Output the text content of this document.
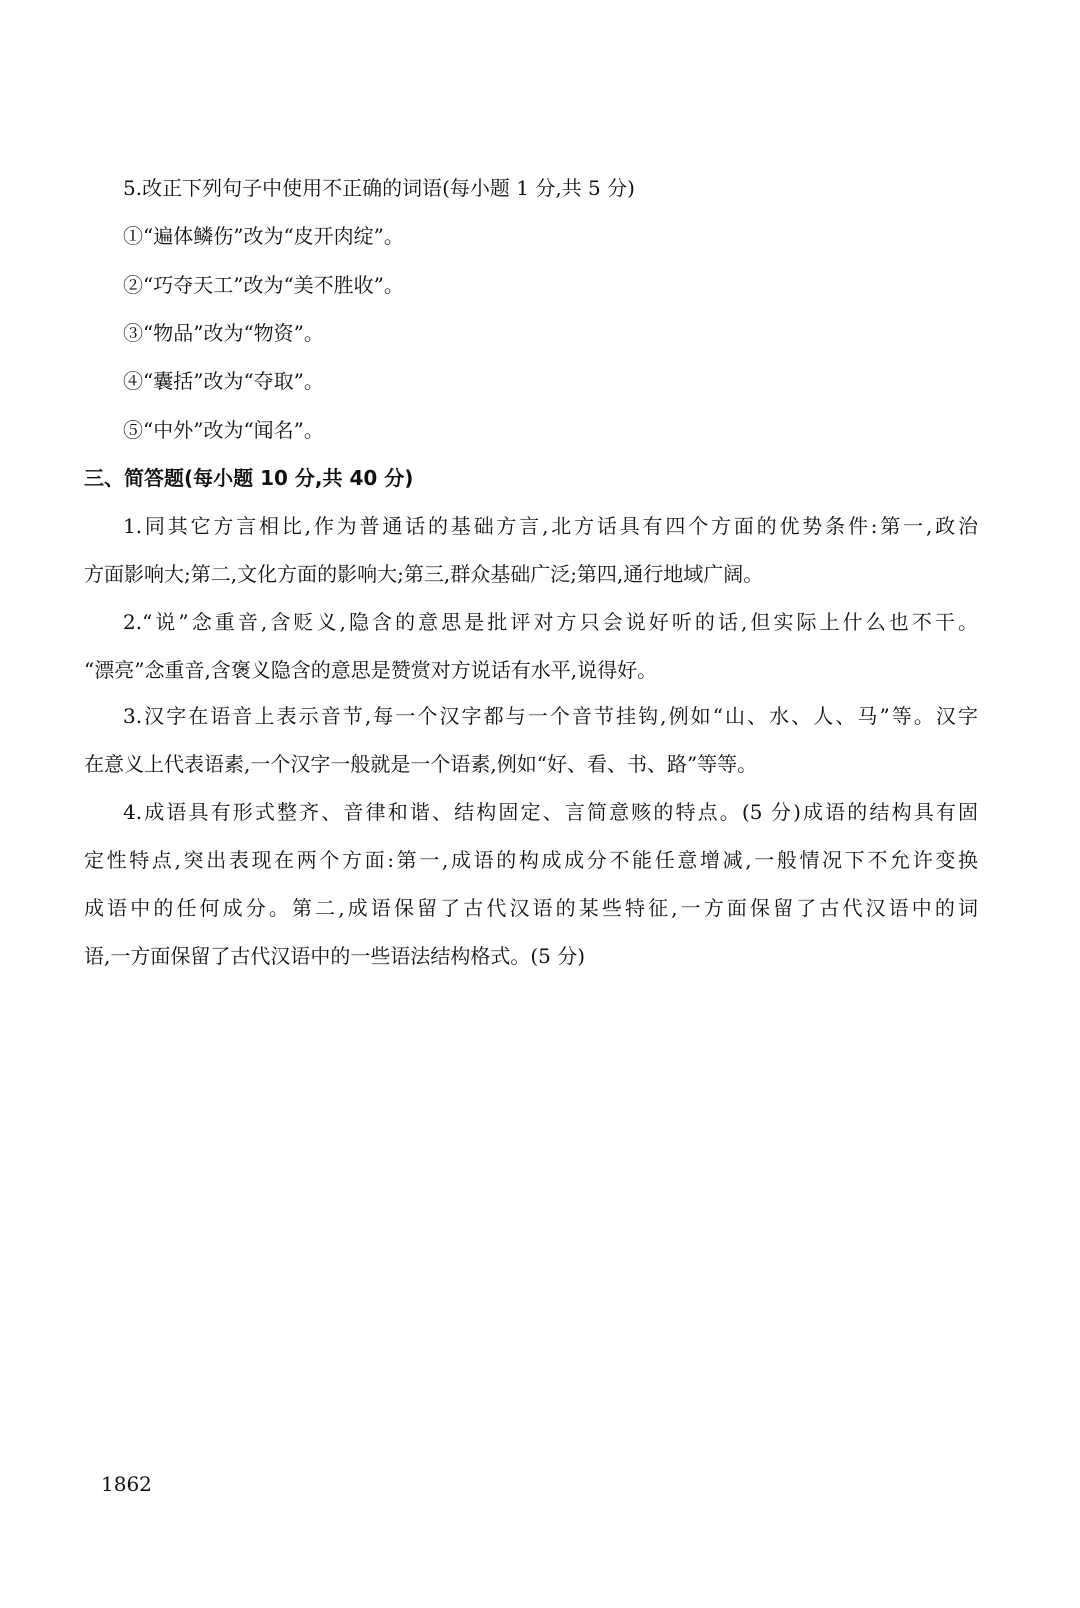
5.改正下列句子中使用不正确的词语(每小题 1 分,共 5 分)
①“遍体鳞伤”改为“皮开肉绽”。
②“巧夺天工”改为“美不胜收”。
③“物品”改为“物资”。
④“囊括”改为“夺取”。
⑤“中外”改为“闻名”。
三、简答题(每小题 10 分,共 40 分)
1.同其它方言相比,作为普通话的基础方言,北方话具有四个方面的优势条件:第一,政治
方面影响大;第二,文化方面的影响大;第三,群众基础广泛;第四,通行地域广阔。
2.“说”念重音,含贬义,隐含的意思是批评对方只会说好听的话,但实际上什么也不干。
“漂亮”念重音,含褒义隐含的意思是赞赏对方说话有水平,说得好。
3.汉字在语音上表示音节,每一个汉字都与一个音节挂钩,例如“山、水、人、马”等。汉字
在意义上代表语素,一个汉字一般就是一个语素,例如“好、看、书、路”等等。
4.成语具有形式整齐、音律和谐、结构固定、言简意赅的特点。(5 分)成语的结构具有固
定性特点,突出表现在两个方面:第一,成语的构成成分不能任意增减,一般情况下不允许变换
成语中的任何成分。第二,成语保留了古代汉语的某些特征,一方面保留了古代汉语中的词
语,一方面保留了古代汉语中的一些语法结构格式。(5 分)
1862
